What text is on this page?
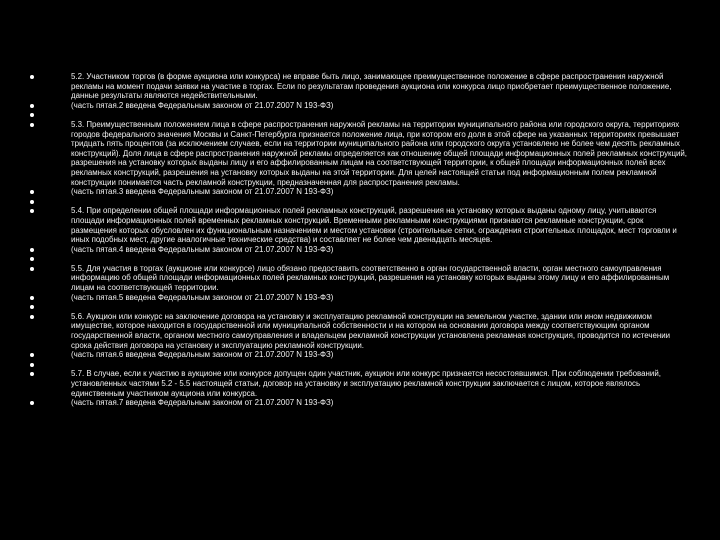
5.2. Участником торгов (в форме аукциона или конкурса) не вправе быть лицо, занимающее преимущественное положение в сфере распространения наружной рекламы на момент подачи заявки на участие в торгах. Если по результатам проведения аукциона или конкурса лицо приобретает преимущественное положение, данные результаты являются недействительными.
(часть пятая.2 введена Федеральным законом от 21.07.2007 N 193-ФЗ)
5.3. Преимущественным положением лица в сфере распространения наружной рекламы на территории муниципального района или городского округа, территориях городов федерального значения Москвы и Санкт-Петербурга признается положение лица, при котором его доля в этой сфере на указанных территориях превышает тридцать пять процентов (за исключением случаев, если на территории муниципального района или городского округа установлено не более чем десять рекламных конструкций). Доля лица в сфере распространения наружной рекламы определяется как отношение общей площади информационных полей рекламных конструкций, разрешения на установку которых выданы лицу и его аффилированным лицам на соответствующей территории, к общей площади информационных полей всех рекламных конструкций, разрешения на установку которых выданы на этой территории. Для целей настоящей статьи под информационным полем рекламной конструкции понимается часть рекламной конструкции, предназначенная для распространения рекламы.
(часть пятая.3 введена Федеральным законом от 21.07.2007 N 193-ФЗ)
5.4. При определении общей площади информационных полей рекламных конструкций, разрешения на установку которых выданы одному лицу, учитываются площади информационных полей временных рекламных конструкций. Временными рекламными конструкциями признаются рекламные конструкции, срок размещения которых обусловлен их функциональным назначением и местом установки (строительные сетки, ограждения строительных площадок, мест торговли и иных подобных мест, другие аналогичные технические средства) и составляет не более чем двенадцать месяцев.
(часть пятая.4 введена Федеральным законом от 21.07.2007 N 193-ФЗ)
5.5. Для участия в торгах (аукционе или конкурсе) лицо обязано предоставить соответственно в орган государственной власти, орган местного самоуправления информацию об общей площади информационных полей рекламных конструкций, разрешения на установку которых выданы этому лицу и его аффилированным лицам на соответствующей территории.
(часть пятая.5 введена Федеральным законом от 21.07.2007 N 193-ФЗ)
5.6. Аукцион или конкурс на заключение договора на установку и эксплуатацию рекламной конструкции на земельном участке, здании или ином недвижимом имуществе, которое находится в государственной или муниципальной собственности и на котором на основании договора между соответствующим органом государственной власти, органом местного самоуправления и владельцем рекламной конструкции установлена рекламная конструкция, проводится по истечении срока действия договора на установку и эксплуатацию рекламной конструкции.
(часть пятая.6 введена Федеральным законом от 21.07.2007 N 193-ФЗ)
5.7. В случае, если к участию в аукционе или конкурсе допущен один участник, аукцион или конкурс признается несостоявшимся. При соблюдении требований, установленных частями 5.2 - 5.5 настоящей статьи, договор на установку и эксплуатацию рекламной конструкции заключается с лицом, которое являлось единственным участником аукциона или конкурса.
(часть пятая.7 введена Федеральным законом от 21.07.2007 N 193-ФЗ)
